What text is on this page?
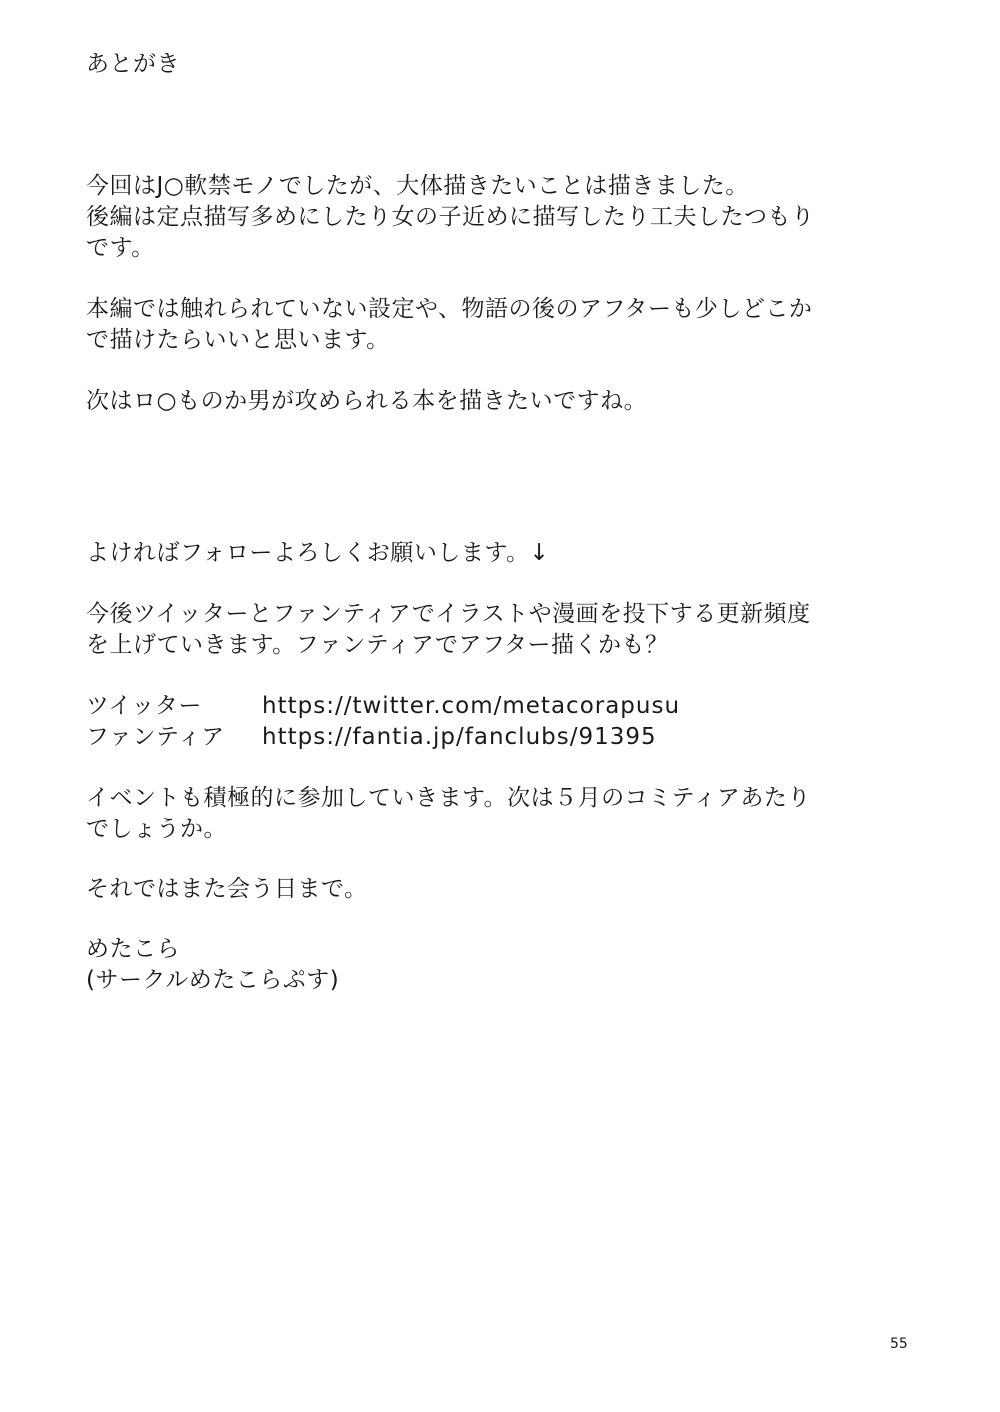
あとがき
今回はJ○軟禁モノでしたが、大体描きたいことは描きました。
後編は定点描写多めにしたり女の子近めに描写したり工夫したつもり
です。
本編では触れられていない設定や、物語の後のアフターも少しどこか
で描けたらいいと思います。
次はロ○ものか男が攻められる本を描きたいですね。
よければフォローよろしくお願いします。↓
今後ツイッターとファンティアでイラストや漫画を投下する更新頻度
を上げていきます。ファンティアでアフター描くかも？
ツイッター	https://twitter.com/metacorapusu
ファンティア https://fantia.jp/fanclubs/91395
イベントも積極的に参加していきます。次は５月のコミティアあたり
でしょうか。
それではまた会う日まで。
めたこら
(サークルめたこらぷす)
55
